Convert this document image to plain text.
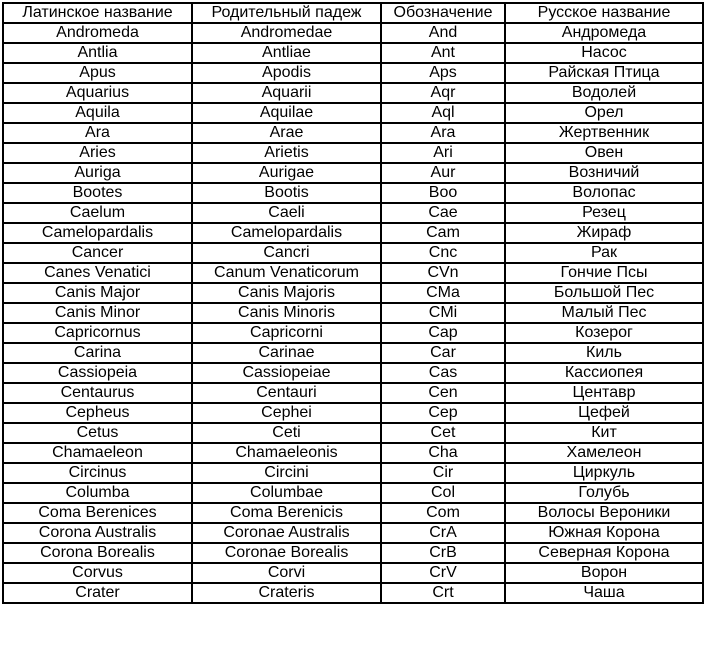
Латинское название	Родительный падеж	Обозначение	Русское название
Andromeda	Andromedae	And	Андромеда
Antlia	Antliae	Ant	Насос
Apus	Apodis	Aps	Райская Птица
Aquarius	Aquarii	Aqr	Водолей
Aquila	Aquilae	Aql	Орел
Ara	Arae	Ara	Жертвенник
Aries	Arietis	Ari	Овен
Auriga	Aurigae	Aur	Возничий
Bootes	Bootis	Boo	Волопас
Caelum	Caeli	Cae	Резец
Camelopardalis	Camelopardalis	Cam	Жираф
Cancer	Cancri	Cnc	Рак
Canes Venatici	Canum Venaticorum	CVn	Гончие Псы
Canis Major	Canis Majoris	CMa	Большой Пес
Canis Minor	Canis Minoris	CMi	Малый Пес
Capricornus	Capricorni	Cap	Козерог
Carina	Carinae	Car	Киль
Cassiopeia	Cassiopeiae	Cas	Кассиопея
Centaurus	Centauri	Cen	Центавр
Cepheus	Cephei	Cep	Цефей
Cetus	Ceti	Cet	Кит
Chamaeleon	Chamaeleonis	Cha	Хамелеон
Circinus	Circini	Cir	Циркуль
Columba	Columbae	Col	Голубь
Coma Berenices	Coma Berenicis	Com	Волосы Вероники
Corona Australis	Coronae Australis	CrA	Южная Корона
Corona Borealis	Coronae Borealis	CrB	Северная Корона
Corvus	Corvi	CrV	Ворон
Crater	Crateris	Crt	Чаша
